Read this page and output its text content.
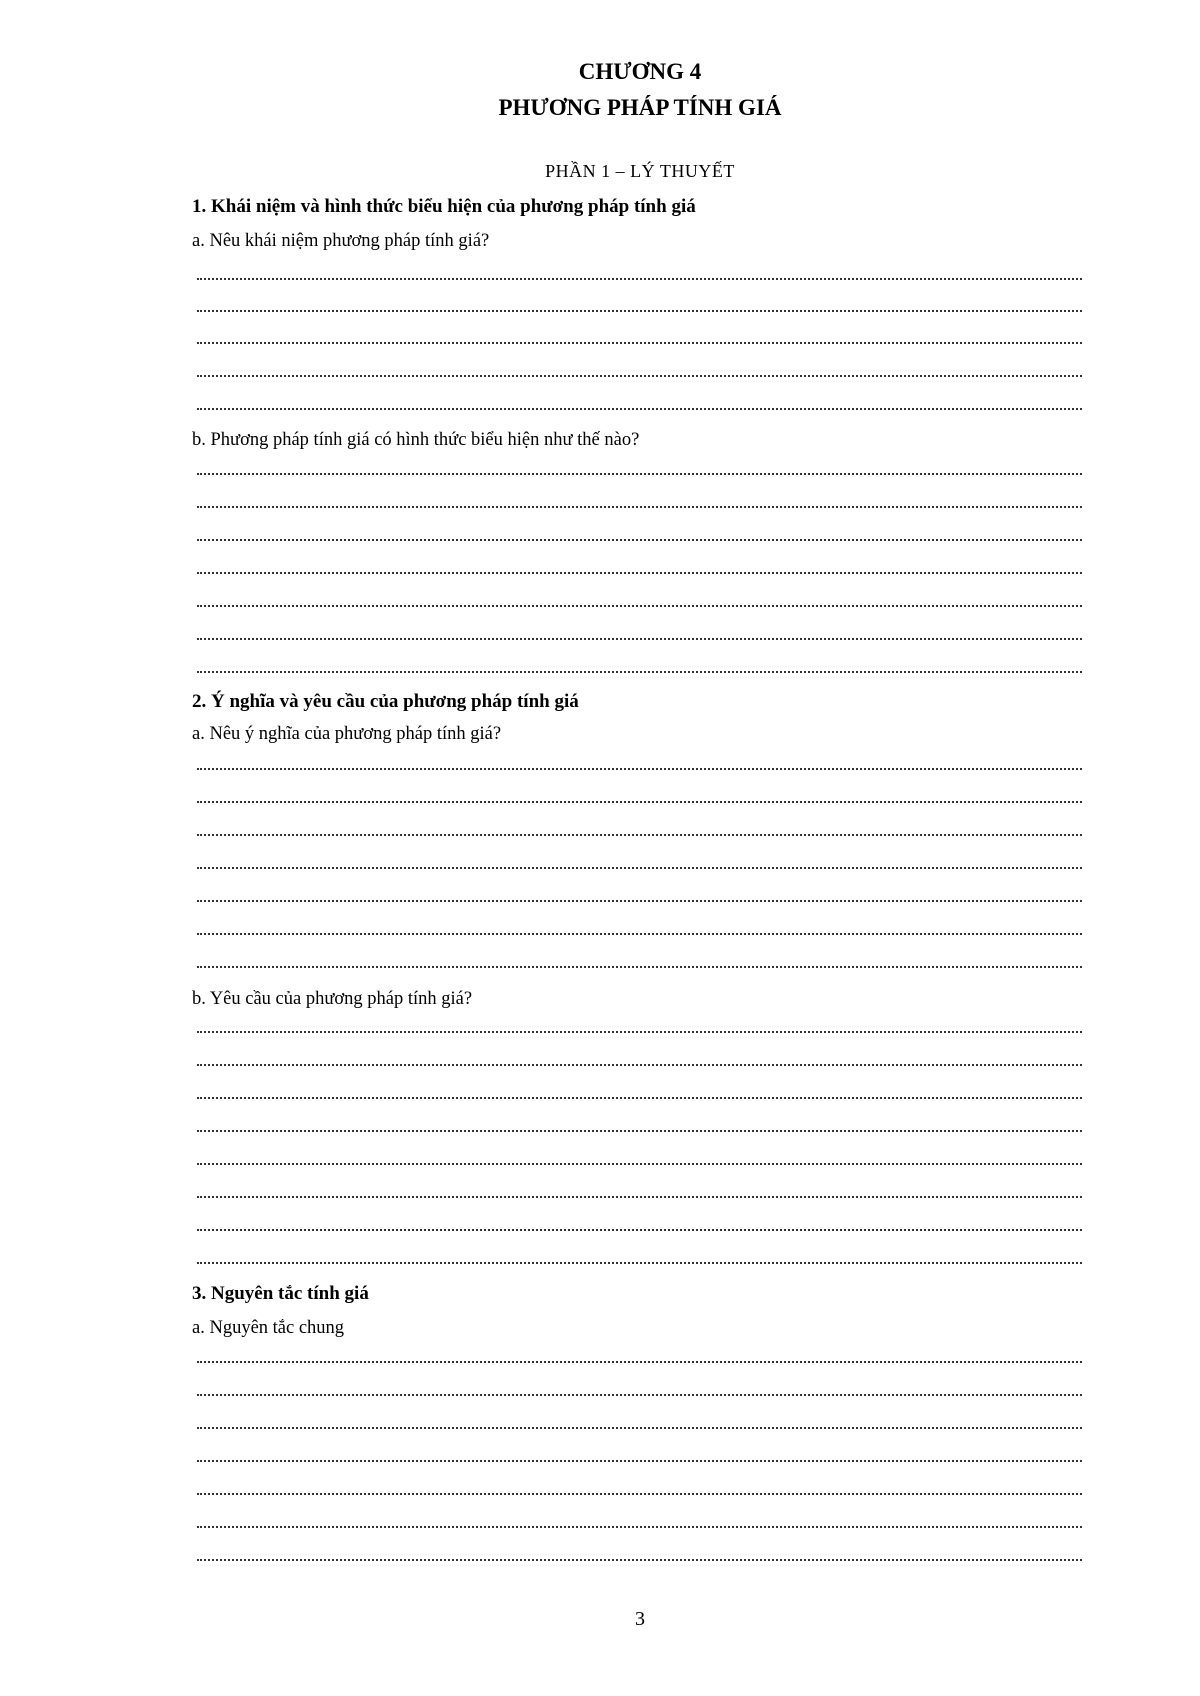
CHƯƠNG 4
PHƯƠNG PHÁP TÍNH GIÁ
PHẦN 1 – LÝ THUYẾT
1. Khái niệm và hình thức biểu hiện của phương pháp tính giá
a. Nêu khái niệm phương pháp tính giá?
b. Phương pháp tính giá có hình thức biểu hiện như thế nào?
2. Ý nghĩa và yêu cầu của phương pháp tính giá
a. Nêu ý nghĩa của phương pháp tính giá?
b. Yêu cầu của phương pháp tính giá?
3. Nguyên tắc tính giá
a. Nguyên tắc chung
3
